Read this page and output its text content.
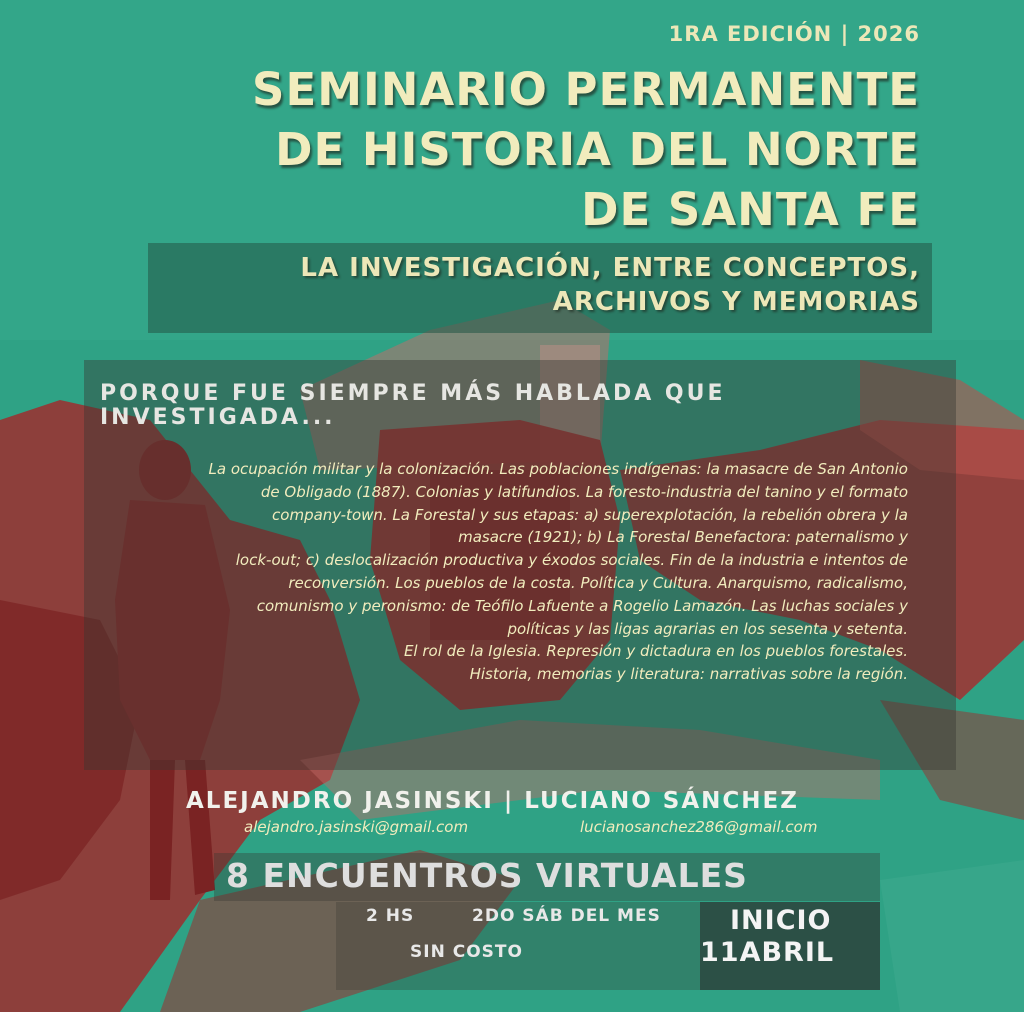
1RA EDICIÓN | 2026
SEMINARIO PERMANENTE
DE HISTORIA DEL NORTE
DE SANTA FE
LA INVESTIGACIÓN, ENTRE CONCEPTOS,
ARCHIVOS Y MEMORIAS
PORQUE FUE SIEMPRE MÁS HABLADA QUE INVESTIGADA...
La ocupación militar y la colonización. Las poblaciones indígenas: la masacre de San Antonio
de Obligado (1887). Colonias y latifundios. La foresto-industria del tanino y el formato
company-town. La Forestal y sus etapas: a) superexplotación, la rebelión obrera y la
masacre (1921); b) La Forestal Benefactora: paternalismo y
lock-out; c) deslocalización productiva y éxodos sociales. Fin de la industria e intentos de
reconversión. Los pueblos de la costa. Política y Cultura. Anarquismo, radicalismo,
comunismo y peronismo: de Teófilo Lafuente a Rogelio Lamazón. Las luchas sociales y
políticas y las ligas agrarias en los sesenta y setenta.
El rol de la Iglesia. Represión y dictadura en los pueblos forestales.
Historia, memorias y literatura: narrativas sobre la región.
ALEJANDRO JASINSKI | LUCIANO SÁNCHEZ
alejandro.jasinski@gmail.com	lucianosanchez286@gmail.com
8 ENCUENTROS VIRTUALES
2 HS	2DO SÁB DEL MES
SIN COSTO
INICIO
11ABRIL
